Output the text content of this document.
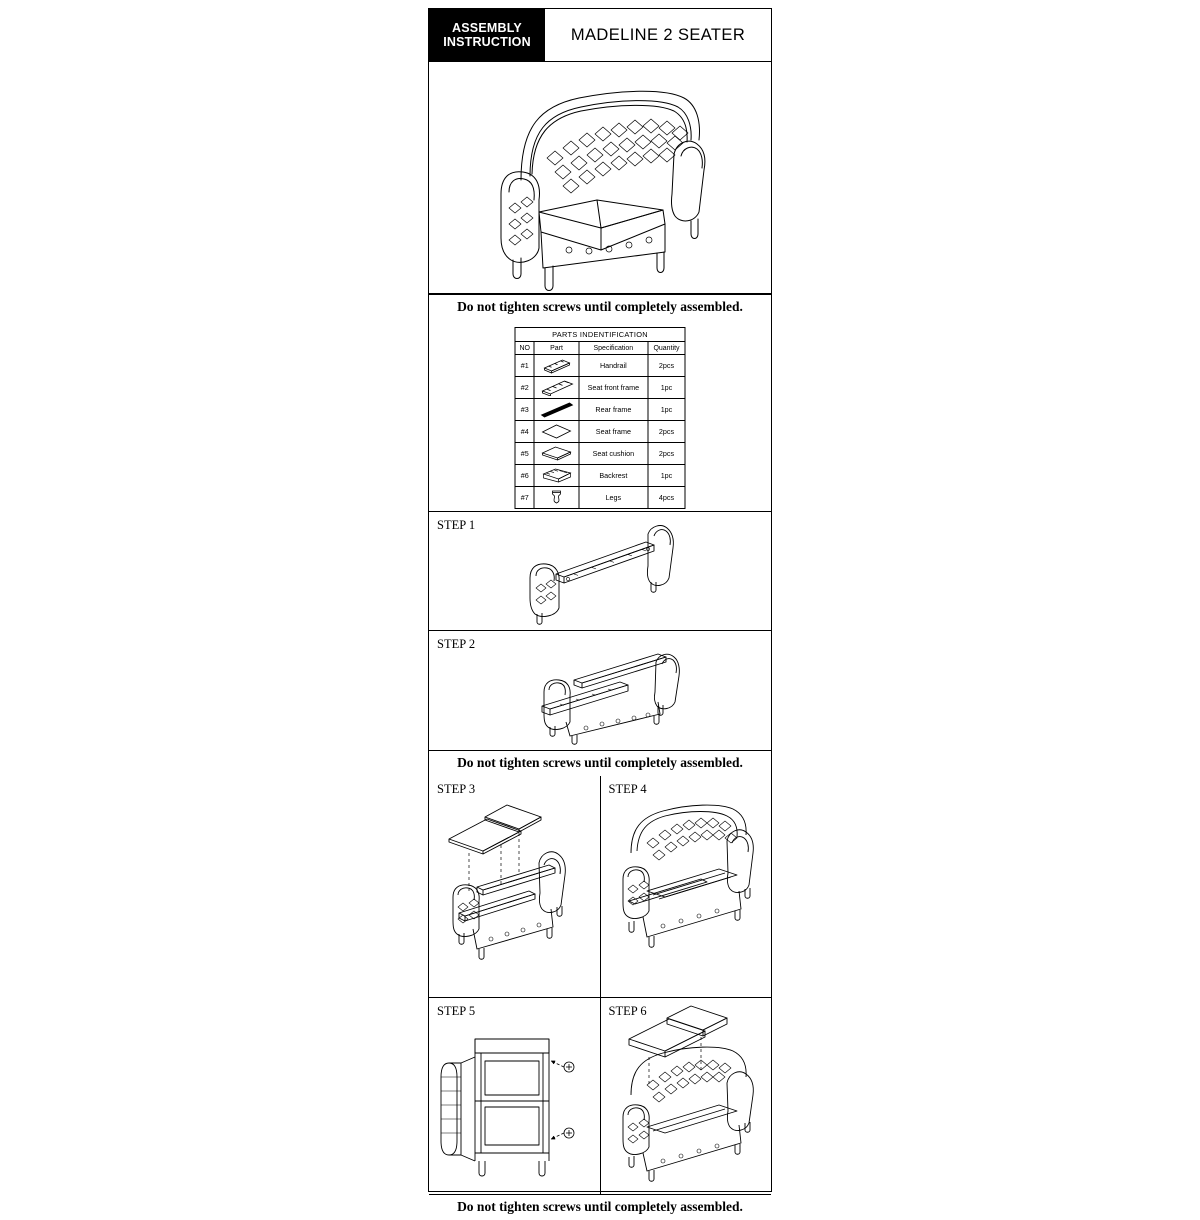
ASSEMBLY
INSTRUCTION	MADELINE 2 SEATER
Do not tighten screws until completely assembled.
PARTS INDENTIFICATION			
NO	Part	Specification	Quantity
#1		Handrail	2pcs
#2		Seat front frame	1pc
#3		Rear frame	1pc
#4		Seat frame	2pcs
#5		Seat cushion	2pcs
#6		Backrest	1pc
#7		Legs	4pcs
STEP 1
STEP 2
Do not tighten screws until completely assembled.
STEP 3	STEP 4
STEP 5	STEP 6
Do not tighten screws until completely assembled.
